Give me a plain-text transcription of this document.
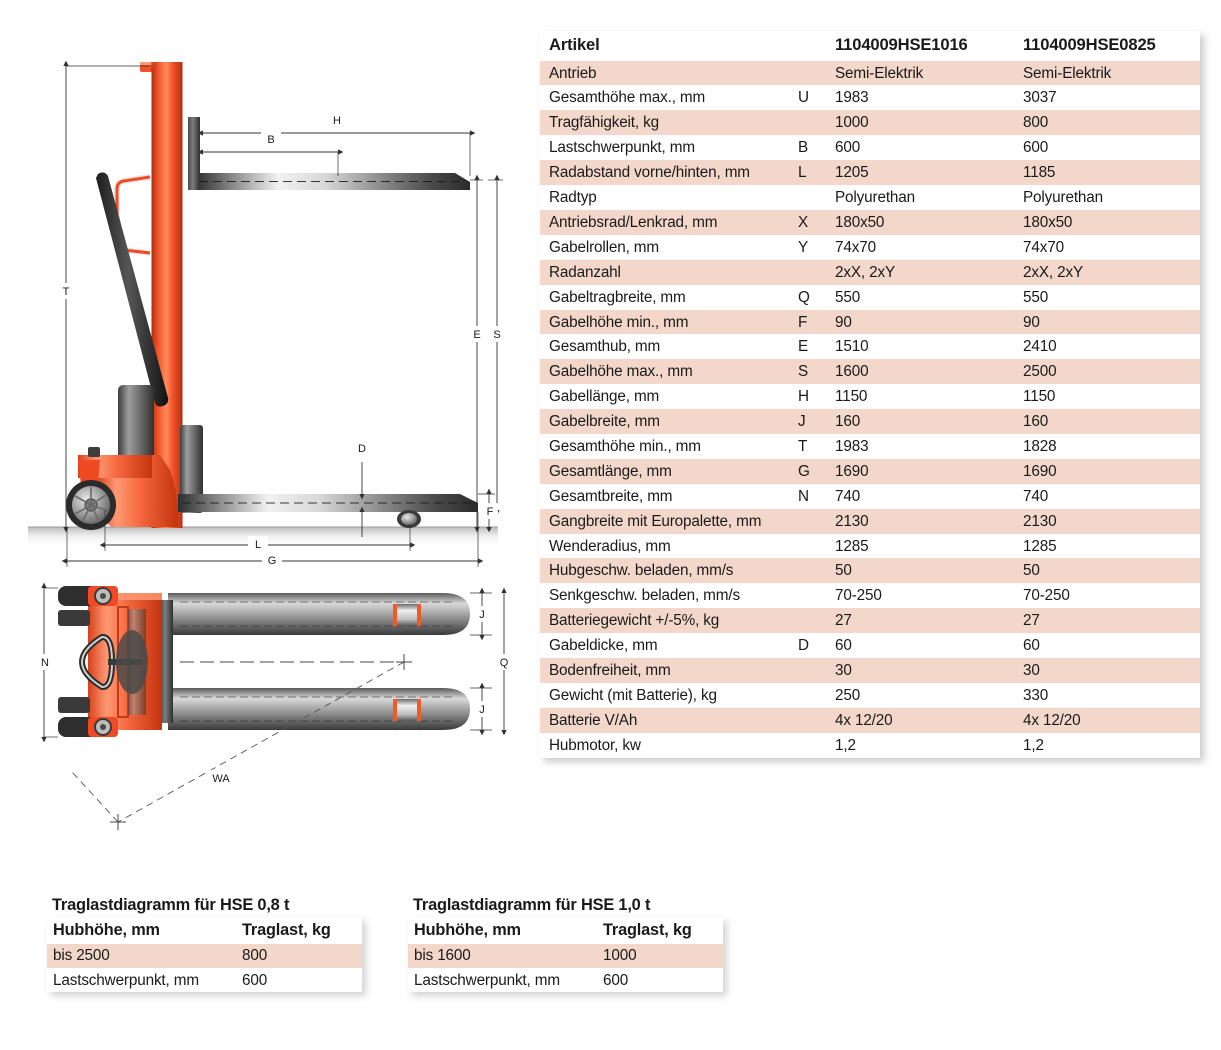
T
H
B
E S
D
F
L
G
WA
N
J
J
Q
Artikel		1104009HSE1016	1104009HSE0825
Antrieb		Semi-Elektrik	Semi-Elektrik
Gesamthöhe max., mm	U	1983	3037
Tragfähigkeit, kg		1000	800
Lastschwerpunkt, mm	B	600	600
Radabstand vorne/hinten, mm	L	1205	1185
Radtyp		Polyurethan	Polyurethan
Antriebsrad/Lenkrad, mm	X	180x50	180x50
Gabelrollen, mm	Y	74x70	74x70
Radanzahl		2xX, 2xY	2xX, 2xY
Gabeltragbreite, mm	Q	550	550
Gabelhöhe min., mm	F	90	90
Gesamthub, mm	E	1510	2410
Gabelhöhe max., mm	S	1600	2500
Gabellänge, mm	H	1150	1150
Gabelbreite, mm	J	160	160
Gesamthöhe min., mm	T	1983	1828
Gesamtlänge, mm	G	1690	1690
Gesamtbreite, mm	N	740	740
Gangbreite mit Europalette, mm		2130	2130
Wenderadius, mm		1285	1285
Hubgeschw. beladen, mm/s		50	50
Senkgeschw. beladen, mm/s		70-250	70-250
Batteriegewicht +/-5%, kg		27	27
Gabeldicke, mm	D	60	60
Bodenfreiheit, mm		30	30
Gewicht (mit Batterie), kg		250	330
Batterie V/Ah		4x 12/20	4x 12/20
Hubmotor, kw		1,2	1,2
Traglastdiagramm für HSE 0,8 t
Hubhöhe, mm	Traglast, kg
bis 2500	800
Lastschwerpunkt, mm	600
Traglastdiagramm für HSE 1,0 t
Hubhöhe, mm	Traglast, kg
bis 1600	1000
Lastschwerpunkt, mm	600
